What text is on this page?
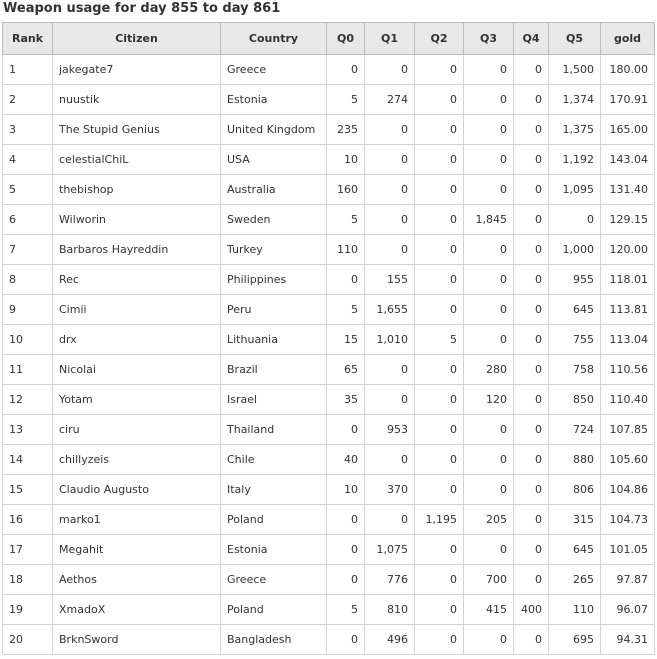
Weapon usage for day 855 to day 861
Rank	Citizen	Country	Q0	Q1	Q2	Q3	Q4	Q5	gold
1	jakegate7	Greece	0	0	0	0	0	1,500	180.00
2	nuustik	Estonia	5	274	0	0	0	1,374	170.91
3	The Stupid Genius	United Kingdom	235	0	0	0	0	1,375	165.00
4	celestialChiL	USA	10	0	0	0	0	1,192	143.04
5	thebishop	Australia	160	0	0	0	0	1,095	131.40
6	Wilworin	Sweden	5	0	0	1,845	0	0	129.15
7	Barbaros Hayreddin	Turkey	110	0	0	0	0	1,000	120.00
8	Rec	Philippines	0	155	0	0	0	955	118.01
9	Cimii	Peru	5	1,655	0	0	0	645	113.81
10	drx	Lithuania	15	1,010	5	0	0	755	113.04
11	Nicolai	Brazil	65	0	0	280	0	758	110.56
12	Yotam	Israel	35	0	0	120	0	850	110.40
13	ciru	Thailand	0	953	0	0	0	724	107.85
14	chillyzeis	Chile	40	0	0	0	0	880	105.60
15	Claudio Augusto	Italy	10	370	0	0	0	806	104.86
16	marko1	Poland	0	0	1,195	205	0	315	104.73
17	Megahit	Estonia	0	1,075	0	0	0	645	101.05
18	Aethos	Greece	0	776	0	700	0	265	97.87
19	XmadoX	Poland	5	810	0	415	400	110	96.07
20	BrknSword	Bangladesh	0	496	0	0	0	695	94.31
